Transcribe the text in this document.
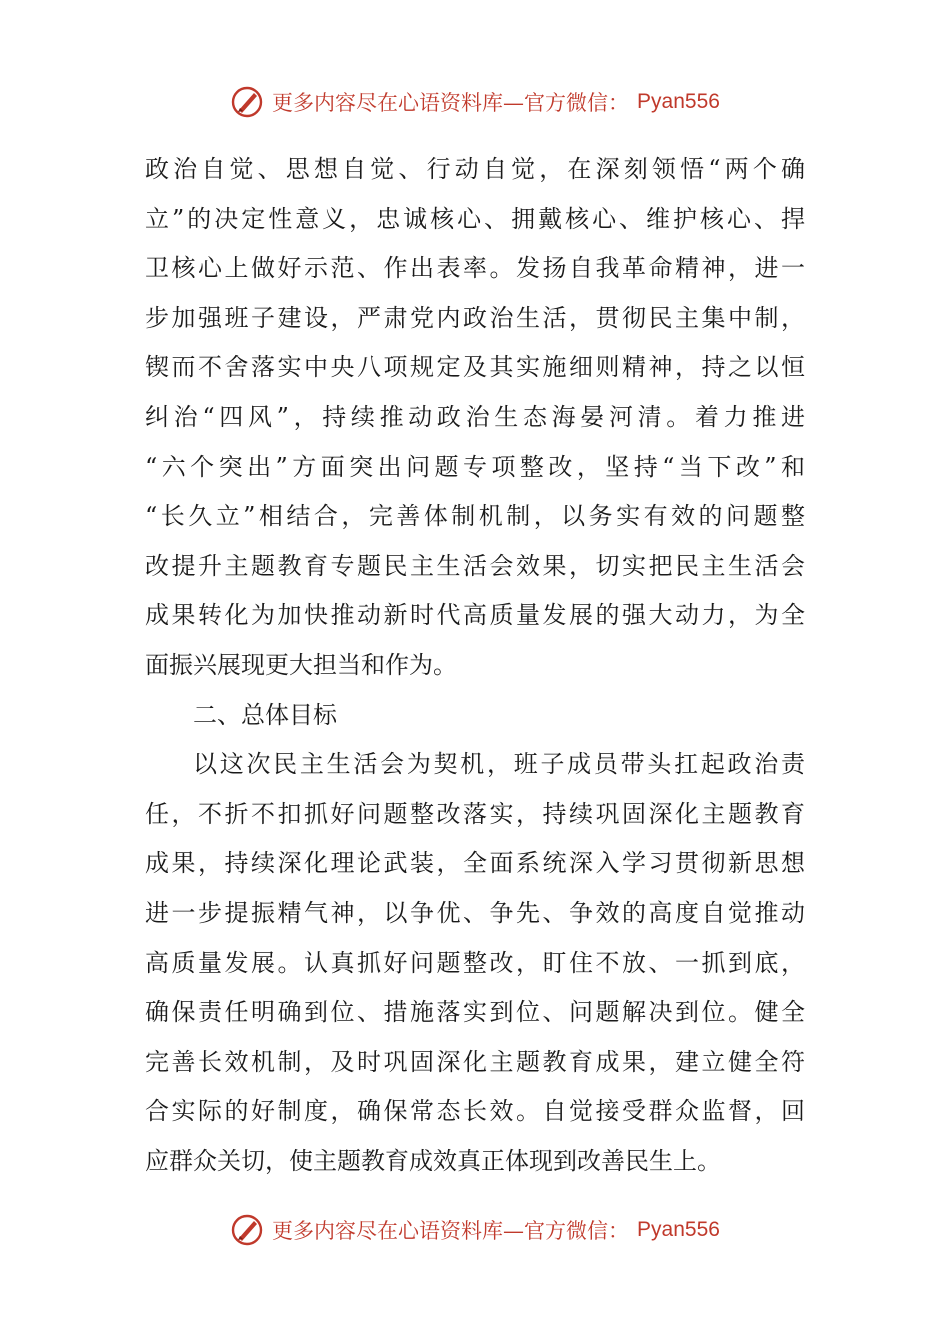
更多内容尽在心语资料库—官方微信： Pyan556
政治自觉、思想自觉、行动自觉，在深刻领悟“两个确
立”的决定性意义，忠诚核心、拥戴核心、维护核心、捍
卫核心上做好示范、作出表率。发扬自我革命精神，进一
步加强班子建设，严肃党内政治生活，贯彻民主集中制，
锲而不舍落实中央八项规定及其实施细则精神，持之以恒
纠治“四风”，持续推动政治生态海晏河清。着力推进
“六个突出”方面突出问题专项整改，坚持“当下改”和
“长久立”相结合，完善体制机制，以务实有效的问题整
改提升主题教育专题民主生活会效果，切实把民主生活会
成果转化为加快推动新时代高质量发展的强大动力，为全
面振兴展现更大担当和作为。
二、总体目标
以这次民主生活会为契机，班子成员带头扛起政治责
任，不折不扣抓好问题整改落实，持续巩固深化主题教育
成果，持续深化理论武装，全面系统深入学习贯彻新思想
进一步提振精气神，以争优、争先、争效的高度自觉推动
高质量发展。认真抓好问题整改，盯住不放、一抓到底，
确保责任明确到位、措施落实到位、问题解决到位。健全
完善长效机制，及时巩固深化主题教育成果，建立健全符
合实际的好制度，确保常态长效。自觉接受群众监督，回
应群众关切，使主题教育成效真正体现到改善民生上。
更多内容尽在心语资料库—官方微信： Pyan556
